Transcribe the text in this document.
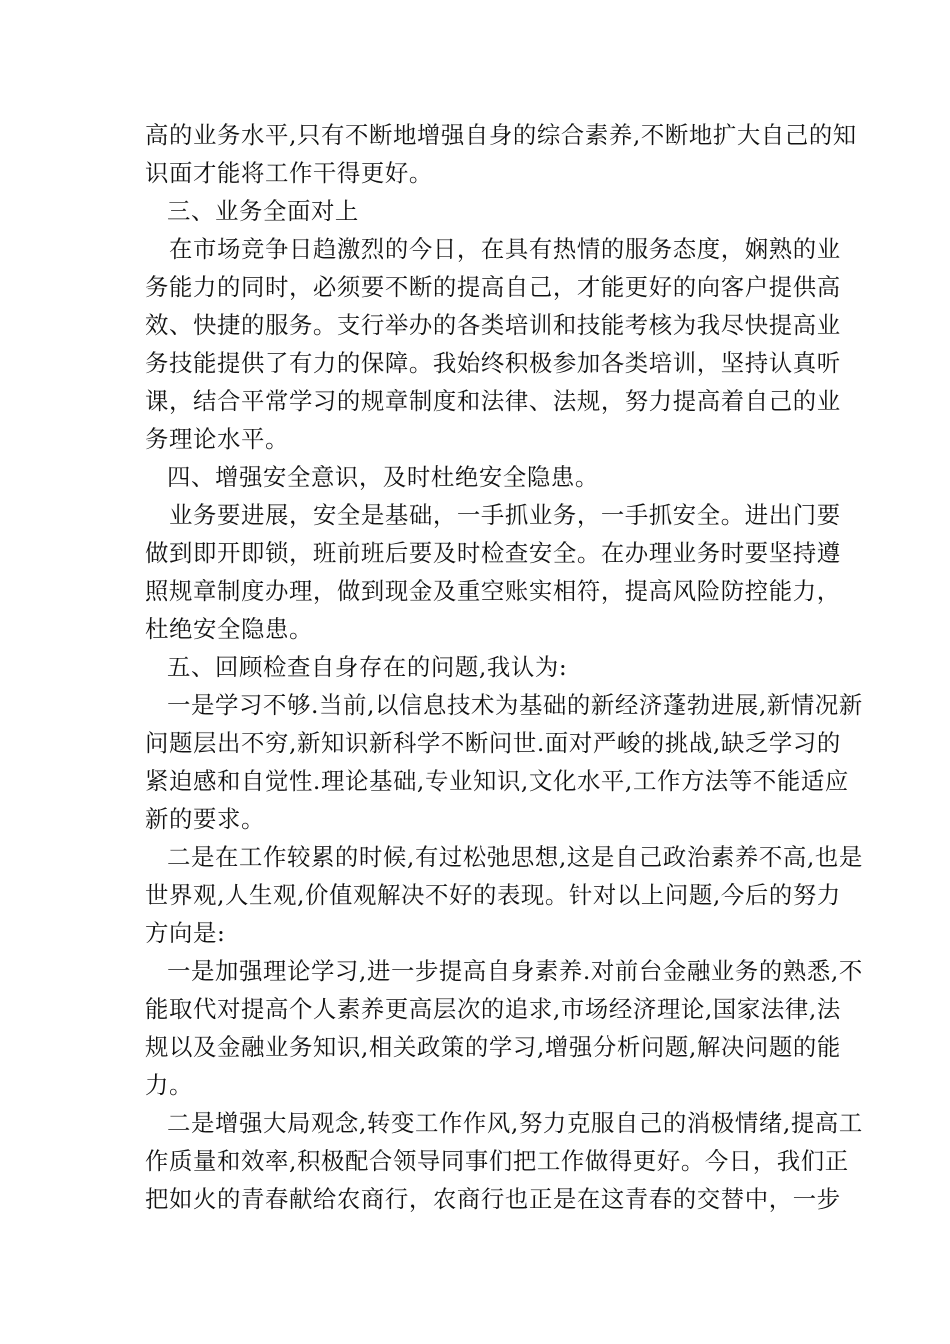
高的业务水平,只有不断地增强自身的综合素养,不断地扩大自己的知
识面才能将工作干得更好。
三、业务全面对上
在市场竞争日趋激烈的今日，在具有热情的服务态度，娴熟的业
务能力的同时，必须要不断的提高自己，才能更好的向客户提供高
效、快捷的服务。支行举办的各类培训和技能考核为我尽快提高业
务技能提供了有力的保障。我始终积极参加各类培训，坚持认真听
课，结合平常学习的规章制度和法律、法规，努力提高着自己的业
务理论水平。
四、增强安全意识，及时杜绝安全隐患。
业务要进展，安全是基础，一手抓业务，一手抓安全。进出门要
做到即开即锁，班前班后要及时检查安全。在办理业务时要坚持遵
照规章制度办理，做到现金及重空账实相符，提高风险防控能力，
杜绝安全隐患。
五、回顾检查自身存在的问题,我认为:
一是学习不够.当前,以信息技术为基础的新经济蓬勃进展,新情况新
问题层出不穷,新知识新科学不断问世.面对严峻的挑战,缺乏学习的
紧迫感和自觉性.理论基础,专业知识,文化水平,工作方法等不能适应
新的要求。
二是在工作较累的时候,有过松弛思想,这是自己政治素养不高,也是
世界观,人生观,价值观解决不好的表现。针对以上问题,今后的努力
方向是:
一是加强理论学习,进一步提高自身素养.对前台金融业务的熟悉,不
能取代对提高个人素养更高层次的追求,市场经济理论,国家法律,法
规以及金融业务知识,相关政策的学习,增强分析问题,解决问题的能
力。
二是增强大局观念,转变工作作风,努力克服自己的消极情绪,提高工
作质量和效率,积极配合领导同事们把工作做得更好。今日，我们正
把如火的青春献给农商行，农商行也正是在这青春的交替中，一步
